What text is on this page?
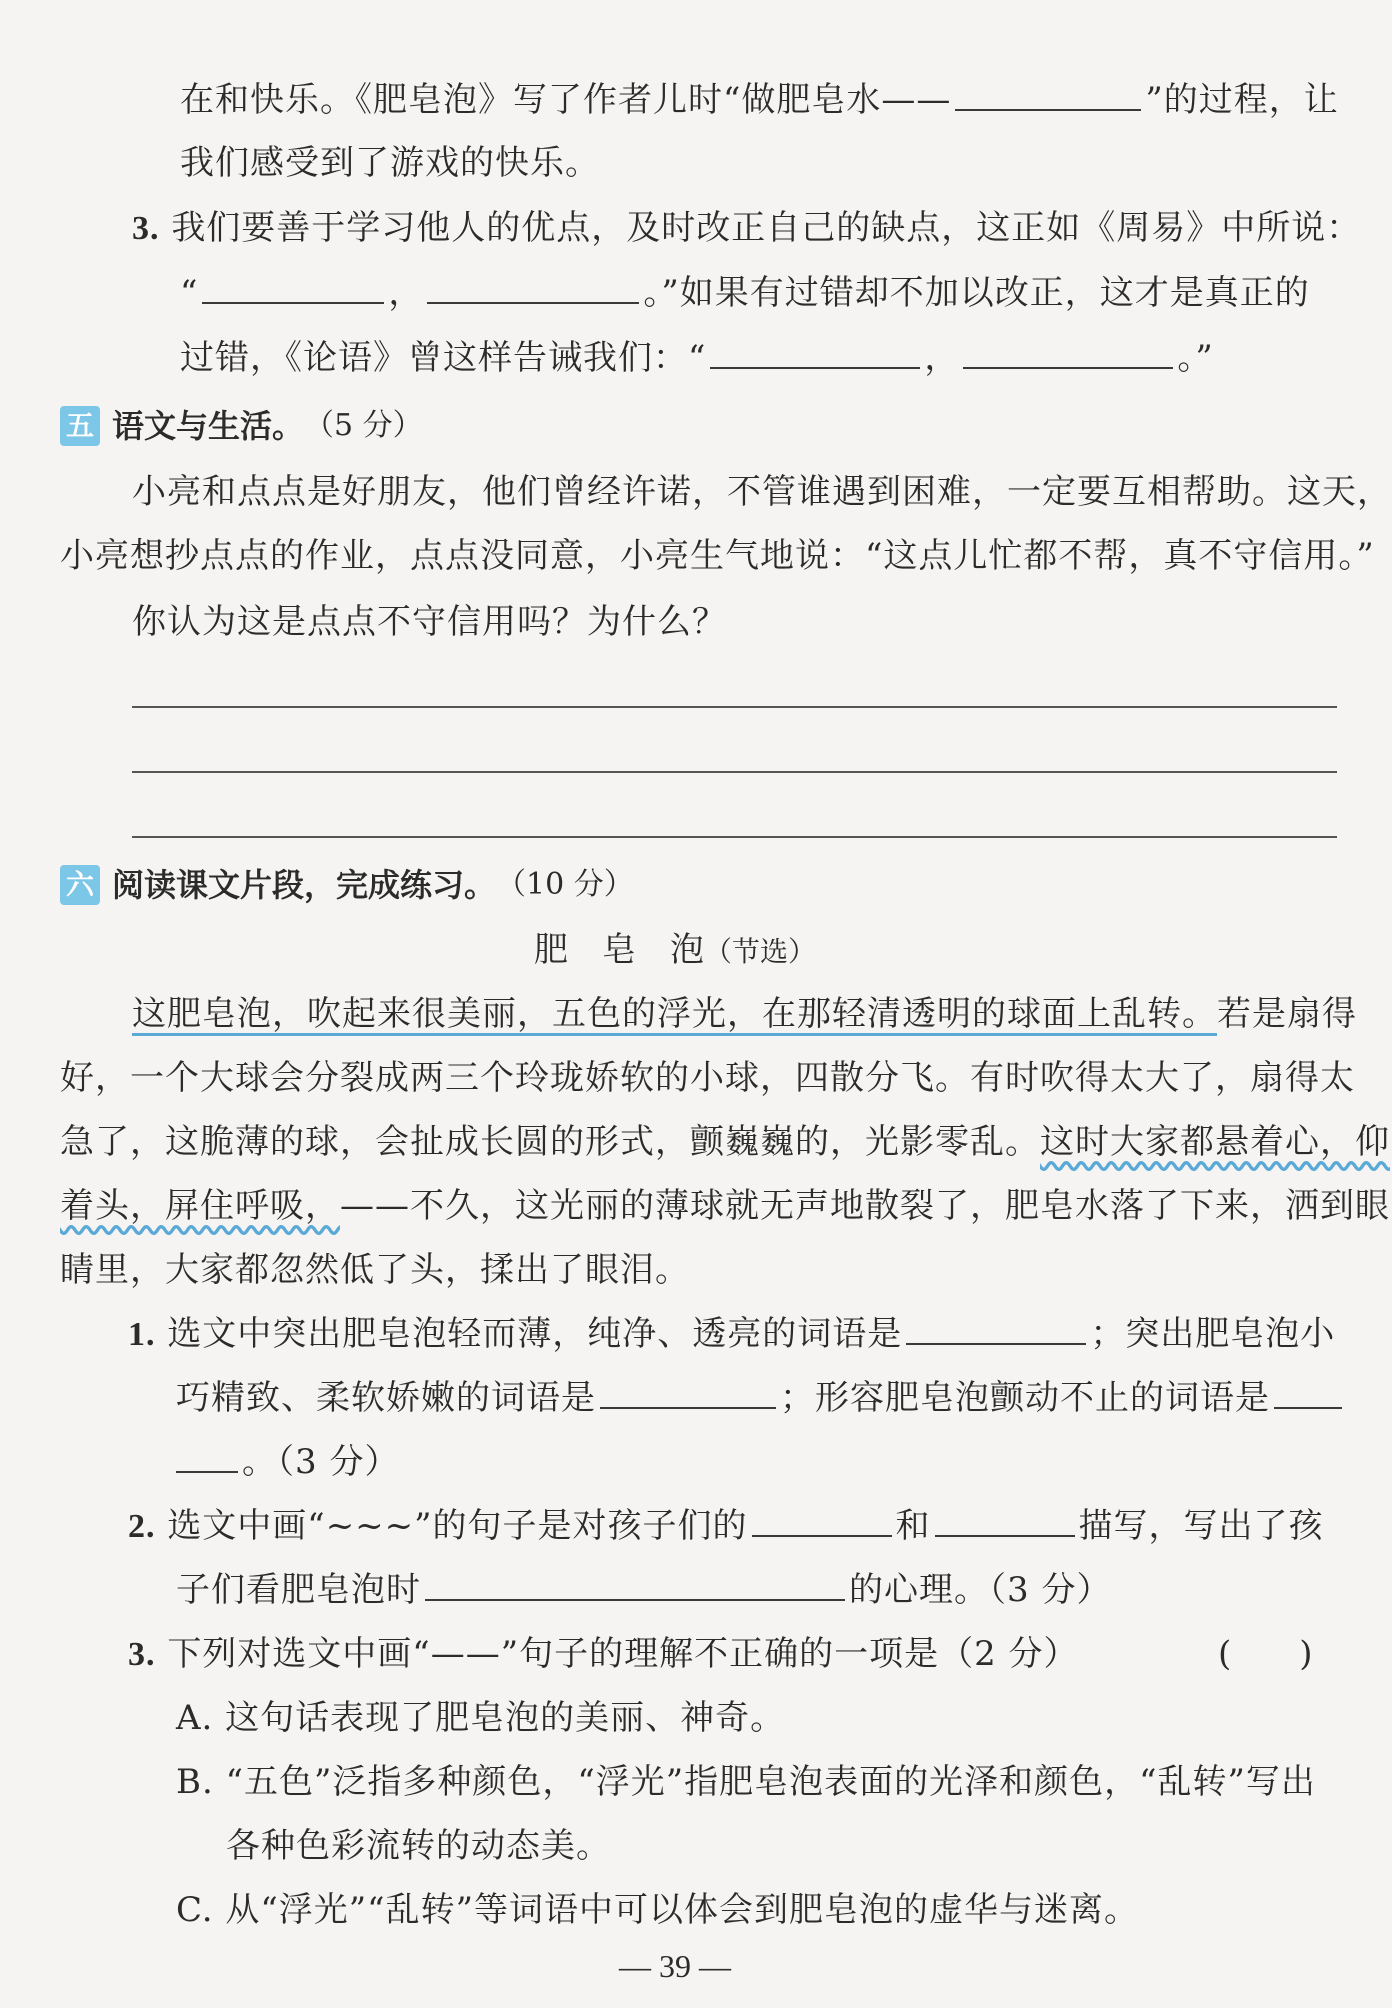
在和快乐。《肥皂泡》写了作者儿时“做肥皂水——	”的过程，让
我们感受到了游戏的快乐。
3. 我们要善于学习他人的优点，及时改正自己的缺点，这正如《周易》中所说：
“	，	。”如果有过错却不加以改正，这才是真正的
过错，《论语》曾这样告诫我们：“	，	。”
五 语文与生活。 （5 分）
小亮和点点是好朋友，他们曾经许诺，不管谁遇到困难，一定要互相帮助。这天，
小亮想抄点点的作业，点点没同意，小亮生气地说：“这点儿忙都不帮，真不守信用。”
你认为这是点点不守信用吗？为什么？
六 阅读课文片段，完成练习。 （10 分）
肥　皂　泡（节选）
这肥皂泡，吹起来很美丽，五色的浮光，在那轻清透明的球面上乱转。若是扇得
好，一个大球会分裂成两三个玲珑娇软的小球，四散分飞。有时吹得太大了，扇得太
急了，这脆薄的球，会扯成长圆的形式，颤巍巍的，光影零乱。这时大家都悬着心，仰
着头，屏住呼吸，——不久，这光丽的薄球就无声地散裂了，肥皂水落了下来，洒到眼
睛里，大家都忽然低了头，揉出了眼泪。
1. 选文中突出肥皂泡轻而薄，纯净、透亮的词语是	；突出肥皂泡小
巧精致、柔软娇嫩的词语是	；形容肥皂泡颤动不止的词语是
。（3 分）
2. 选文中画“~~~”的句子是对孩子们的	和	描写，写出了孩
子们看肥皂泡时	的心理。（3 分）
3. 下列对选文中画“——”句子的理解不正确的一项是（2 分）	(　　)
A. 这句话表现了肥皂泡的美丽、神奇。
B. “五色”泛指多种颜色，“浮光”指肥皂泡表面的光泽和颜色，“乱转”写出
各种色彩流转的动态美。
C. 从“浮光”“乱转”等词语中可以体会到肥皂泡的虚华与迷离。
— 39 —
